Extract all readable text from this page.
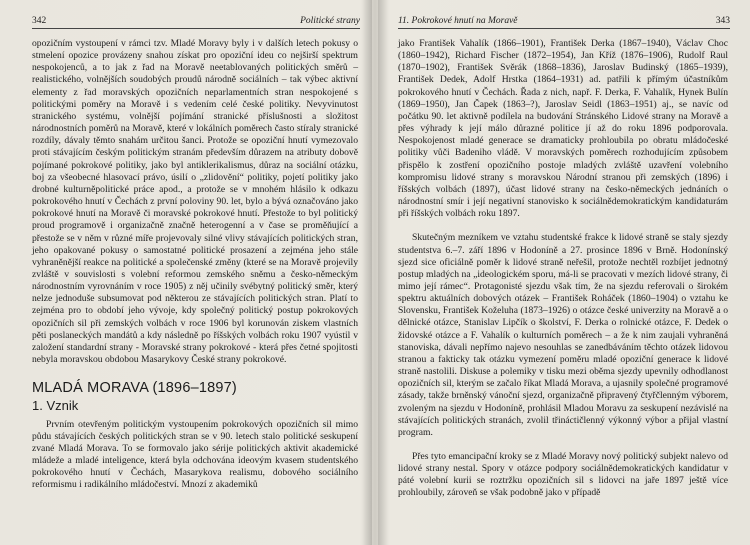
342	Politické strany

opozičním vystoupení v rámci tzv. Mladé Moravy byly i v dalších letech pokusy o stmelení opozice provázeny snahou získat pro opoziční ideu co nejširší spektrum nespokojenců, a to jak z řad na Moravě neetablovaných politických směrů – realistického, volnějších soudobých proudů národně sociálních – tak výbec aktivní elementy z řad moravských opozičních neparlamentních stran nespokojené s politickými poměry na Moravě i s vedením celé české politiky. Nevyvinutost stranického systému, volnější pojímání stranické příslušnosti a složitost národnostních poměrů na Moravě, které v lokálních poměrech často stíraly stranické rozdíly, dávaly těmto snahám určitou šanci. Protože se opoziční hnutí vymezovalo proti stávajícím českým politickým stranám především důrazem na atributy dobově pojímané pokrokové politiky, jako byl antiklerikalismus, důraz na sociální otázku, boj za všeobecné hlasovací právo, úsilí o „zlidovění“ politiky, pojetí politiky jako drobné kulturněpolitické práce apod., a protože se v mnohém hlásilo k odkazu pokrokového hnutí v Čechách z první poloviny 90. let, bylo a bývá označováno jako pokrokové hnutí na Moravě či moravské pokrokové hnutí. Přestože to byl politický proud programově i organizačně značně heterogenní a v čase se proměňující a přestože se v něm v různé míře projevovaly silné vlivy stávajících politických stran, jeho opakované pokusy o samostatné politické prosazení a zejména jeho stále vyhraněnější reakce na politické a společenské změny (které se na Moravě projevily zvláště v souvislosti s volební reformou zemského sněmu a česko-německým národnostním vyrovnáním v roce 1905) z něj učinily svébytný politický směr, který nelze jednoduše subsumovat pod některou ze stávajících politických stran. Platí to zejména pro to období jeho vývoje, kdy společný politický postup pokrokových opozičních sil při zemských volbách v roce 1906 byl korunován ziskem vlastních pěti poslaneckých mandátů a kdy následně po říšských volbách roku 1907 vyústil v založení standardní strany - Moravské strany pokrokové - která přes četné spojitosti nebyla moravskou obdobou Masarykovy České strany pokrokové.

MLADÁ MORAVA (1896–1897)
1. Vznik

Prvním otevřeným politickým vystoupením pokrokových opozičních sil mimo půdu stávajících českých politických stran se v 90. letech stalo politické seskupení zvané Mladá Morava. To se formovalo jako sérije politických aktivit akademické mládeže a mladé inteligence, která byla odchována ideovým kvasem studentského pokrokového hnutí v Čechách, Masarykova realismu, dobového sociálního reformismu i radikálního mládočeství. Mnozí z akademiků

11. Pokrokové hnutí na Moravě	343

jako František Vahalík (1866–1901), František Derka (1867–1940), Václav Choc (1860–1942), Richard Fischer (1872–1954), Jan Kříž (1876–1906), Rudolf Raul (1870–1902), František Svěrák (1868–1836), Jaroslav Budinský (1865–1939), František Dedek, Adolf Hrstka (1864–1931) ad. patřili k přímým účastníkům pokrokového hnutí v Čechách. Řada z nich, např. F. Derka, F. Vahalík, Hynek Bulín (1869–1950), Jan Čapek (1863–?), Jaroslav Seidl (1863–1951) aj., se navíc od počátku 90. let aktivně podílela na budování Stránského Lidové strany na Moravě a přes výhrady k její málo důrazné politice jí až do roku 1896 podporovala. Nespokojenost mladé generace se dramaticky prohloubila po obratu mládočeské politiky vůči Badeniho vládě. V moravských poměrech rozhodujícím způsobem přispělo k zostření opozičního postoje mladých zvláště uzavření volebního kompromisu lidové strany s moravskou Národní stranou při zemských (1896) i říšských volbách (1897), účast lidové strany na česko-německých jednáních o národnostní smír i její negativní stanovisko k sociálnědemokratickým kandidaturám při říšských volbách roku 1897.

Skutečným mezníkem ve vztahu studentské frakce k lidové straně se staly sjezdy studentstva 6.–7. září 1896 v Hodoníně a 27. prosince 1896 v Brně. Hodonínský sjezd sice oficiálně poměr k lidové straně neřešil, protože nechtěl rozbíjet jednotný postup mladých na „ideologickém sporu, má-li se pracovati v mezích lidové strany, či mimo její rámec“. Protagonisté sjezdu však tím, že na sjezdu referovali o širokém spektru aktuálních dobových otázek – František Roháček (1860–1904) o vztahu ke Slovensku, František Koželuha (1873–1926) o otázce české univerzity na Moravě a o dělnické otázce, Stanislav Lipčík o školství, F. Derka o rolnické otázce, F. Dedek o židovské otázce a F. Vahalík o kulturních poměrech – a že k nim zaujali vyhraněná stanoviska, dávali nepřímo najevo nesouhlas se zanedbáváním těchto otázek lidovou stranou a fakticky tak otázku vymezení poměru mladé opoziční generace k lidové straně nastolili. Diskuse a polemiky v tisku mezi oběma sjezdy upevnily odhodlanost opozičních sil, kterým se začalo říkat Mladá Morava, a ujasnily společné programové zásady, takže brněnský vánoční sjezd, organizačně připravený čtyřčlenným výborem, zvoleným na sjezdu v Hodoníně, prohlásil Mladou Moravu za seskupení nezávislé na stávajících politických stranách, zvolil třináctičlenný výkonný výbor a přijal vlastní program.

Přes tyto emancipační kroky se z Mladé Moravy nový politický subjekt nalevo od lidové strany nestal. Spory v otázce podpory sociálnědemokratických kandidatur v páté volební kurii se roztržku opozičních sil s lidovci na jaře 1897 ještě více prohloubily, zároveň se však podobně jako v případě
